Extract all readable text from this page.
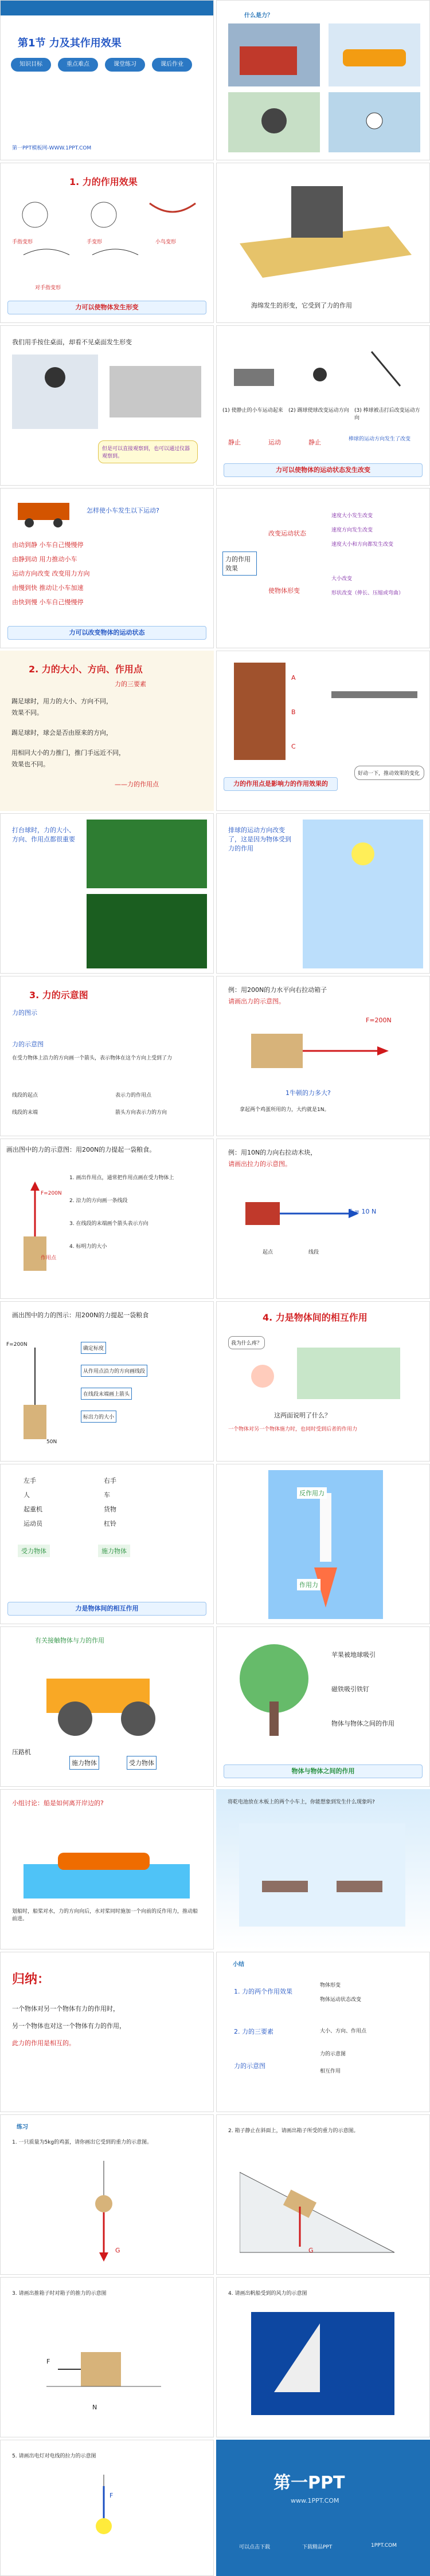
第1节 力及其作用效果
知识目标	重点难点	课堂练习	课后作业
第一PPT模板网-WWW.1PPT.COM
什么是力？
1. 力的作用效果
手指变形	手变形	小鸟变形
对手指变形
力可以使物体发生形变	海绵发生的形变，它受到了力的作用
我们用手按住桌面，却看不见桌面发生形变
但是可以直接观察到，也可以通过仪器观察到。
(1) 使静止的小车运动起来	(2) 踢球使球改变运动方向	(3) 棒球被击打后改变运动方向
静止	运动	静止	棒球的运动方向发生了改变
力可以使物体的运动状态发生改变
怎样使小车发生以下运动?
由动到静 小车自己慢慢停
由静到动 用力推动小车
运动方向改变 改变用力方向
由慢到快 推动让小车加速
由快到慢 小车自己慢慢停
力可以改变物体的运动状态
力的作用效果
改变运动状态
使物体形变
速度大小发生改变
速度方向发生改变
速度大小和方向都发生改变
大小改变
形状改变（伸长、压缩或弯曲）
2. 力的大小、方向、作用点
力的三要素
踢足球时，用力的大小、方向不同，
效果不同。
踢足球时，球会是否由原来的方向，
用相同大小的力推门，推门手远近不同，
效果也不同。
——力的作用点
A
B
C
力的作用点是影响力的作用效果的
好动一下，推动效果的变化
打台球时，力的大小、方向、作用点都很重要
排球的运动方向改变了，这是因为物体受到力的作用
3. 力的示意图
力的图示
力的示意图
在受力物体上沿力的方向画一个箭头，表示物体在这个方向上受到了力
线段的起点	表示力的作用点
线段的末端	箭头方向表示力的方向
例：用200N的力水平向右拉动箱子
请画出力的示意图。
F=200N
1牛顿的力多大?
拿起两个鸡蛋所用的力，大约就是1N。
画出图中的力的示意图：用200N的力提起一袋粮食。
1. 画出作用点，通常把作用点画在受力物体上
2. 沿力的方向画一条线段
3. 在线段的末端画个箭头表示方向
4. 标明力的大小
作用点
F=200N
例：用10N的力向右拉动木块，
请画出拉力的示意图。
F = 10 N
起点	线段
画出图中的力的图示：用200N的力提起一袋粮食
F=200N
50N
确定标度
从作用点沿力的方向画线段
在线段末端画上箭头
标出力的大小
4. 力是物体间的相互作用
我为什么疼？
这两面说明了什么？
一个物体对另一个物体施力时，也同时受到后者的作用力
左手
人
起重机
运动员
右手
车
货物
杠铃
受力物体	施力物体
力是物体间的相互作用
反作用力
作用力
有关接触物体与力的作用
压路机
施力物体	受力物体
苹果被地球吸引
磁铁吸引铁钉
物体与物体之间的作用
物体与物体之间的作用
小组讨论：船是如何离开岸边的?
划船时，船桨对水，力的方向向后，水对桨同时施加一个向前的反作用力，推动船前进。
将乾电池放在木板上的两个小车上，你能想象到发生什么现象吗?
归纳：
一个物体对另一个物体有力的作用时，
另一个物体也对这一个物体有力的作用，
此力的作用是相互的。
小结
1. 力的两个作用效果
2. 力的三要素
力的示意图
物体形变
物体运动状态改变
大小、方向、作用点
力的示意图
相互作用
练习
1. 一只质量为5kg的鸡蛋，请你画出它受到的重力的示意图。
G
2. 箱子静止在斜面上，请画出箱子所受的重力的示意图。
G
3. 请画出推箱子时对箱子的推力的示意图
F
N
4. 请画出帆船受到的风力的示意图
5. 请画出电灯对电线的拉力的示意图
F
第一PPT
www.1PPT.COM
可以点击下载	下载精品PPT	1PPT.COM
